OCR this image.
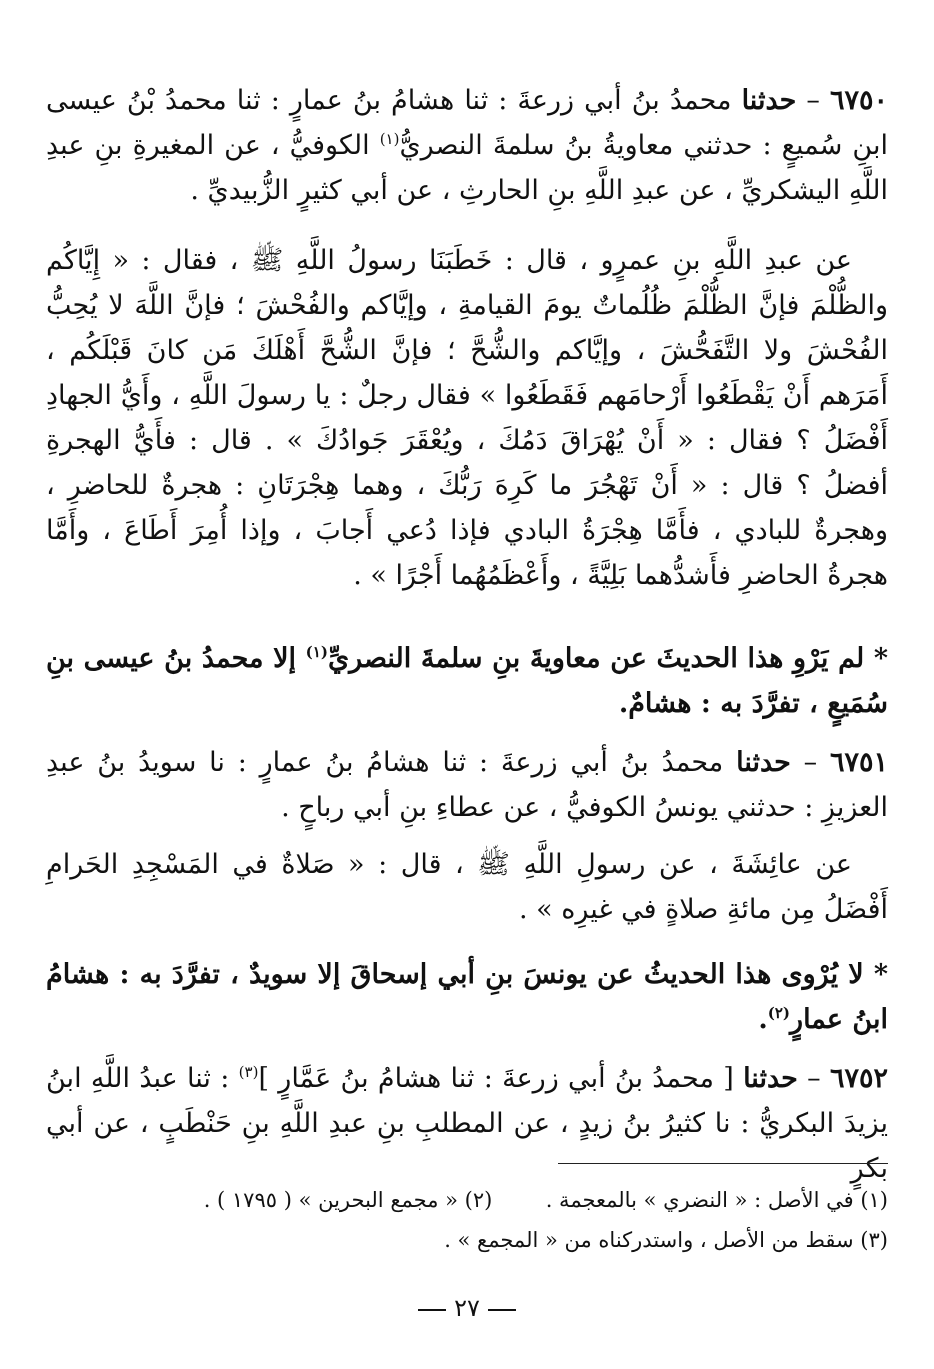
٦٧٥٠ – حدثنا محمدُ بنُ أبي زرعةَ : ثنا هشامُ بنُ عمارٍ : ثنا محمدُ بْنُ عيسى ابنِ سُميعٍ : حدثني معاويةُ بنُ سلمةَ النصريُّ$^{(١)}$ الكوفيُّ ، عن المغيرةِ بنِ عبدِ اللَّهِ اليشكريِّ ، عن عبدِ اللَّهِ بنِ الحارثِ ، عن أبي كثيرٍ الزُّبيديِّ .

عن عبدِ اللَّهِ بنِ عمرٍو ، قال : خَطَبَنَا رسولُ اللَّهِ ﷺ ، فقال : « إِيَّاكُم والظُّلْمَ فإنَّ الظُّلْمَ ظُلُماتٌ يومَ القيامةِ ، وإيَّاكم والفُحْشَ ؛ فإنَّ اللَّهَ لا يُحِبُّ الفُحْشَ ولا التَّفَحُّشَ ، وإيَّاكم والشُّحَّ ؛ فإنَّ الشُّحَّ أَهْلَكَ مَن كانَ قَبْلَكُم ، أَمَرَهم أَنْ يَقْطَعُوا أَرْحامَهم فَقَطَعُوا » فقال رجلٌ : يا رسولَ اللَّهِ ، وأَيُّ الجهادِ أَفْضَلُ ؟ فقال : « أَنْ يُهْرَاقَ دَمُكَ ، ويُعْقَرَ جَوادُكَ » . قال : فأَيُّ الهجرةِ أفضلُ ؟ قال : « أَنْ تَهْجُرَ ما كَرِهَ رَبُّكَ ، وهما هِجْرَتَانِ : هجرةٌ للحاضرِ ، وهجرةٌ للبادي ، فأَمَّا هِجْرَةُ البادي فإذا دُعي أَجابَ ، وإذا أُمِرَ أَطَاعَ ، وأَمَّا هجرةُ الحاضرِ فأَشدُّهما بَلِيَّةً ، وأَعْظَمُهُما أَجْرًا » .

* لم يَرْوِ هذا الحديثَ عن معاويةَ بنِ سلمةَ النصريِّ$^{(١)}$ إلا محمدُ بنُ عيسى بنِ سُمَيعٍ ، تفرَّدَ به : هشامٌ.

٦٧٥١ – حدثنا محمدُ بنُ أبي زرعةَ : ثنا هشامُ بنُ عمارٍ : نا سويدُ بنُ عبدِ العزيزِ : حدثني يونسُ الكوفيُّ ، عن عطاءِ بنِ أبي رباحٍ .

عن عائِشَةَ ، عن رسولِ اللَّهِ ﷺ ، قال : « صَلاةٌ في المَسْجِدِ الحَرامِ أَفْضَلُ مِن مائةِ صلاةٍ في غيرِه » .

* لا يُرْوى هذا الحديثُ عن يونسَ بنِ أبي إسحاقَ إلا سويدٌ ، تفرَّدَ به : هشامُ ابنُ عمارٍ$^{(٢)}$.

٦٧٥٢ – حدثنا [ محمدُ بنُ أبي زرعةَ : ثنا هشامُ بنُ عَمَّارٍ ]$^{(٣)}$ : ثنا عبدُ اللَّهِ ابنُ يزيدَ البكريُّ : نا كثيرُ بنُ زيدٍ ، عن المطلبِ بنِ عبدِ اللَّهِ بنِ حَنْطَبٍ ، عن أبي بكرٍ

(١) في الأصل : « النضري » بالمعجمة .  (٢) « مجمع البحرين » ( ١٧٩٥ ) .
(٣) سقط من الأصل ، واستدركناه من « المجمع » .
٢٧
